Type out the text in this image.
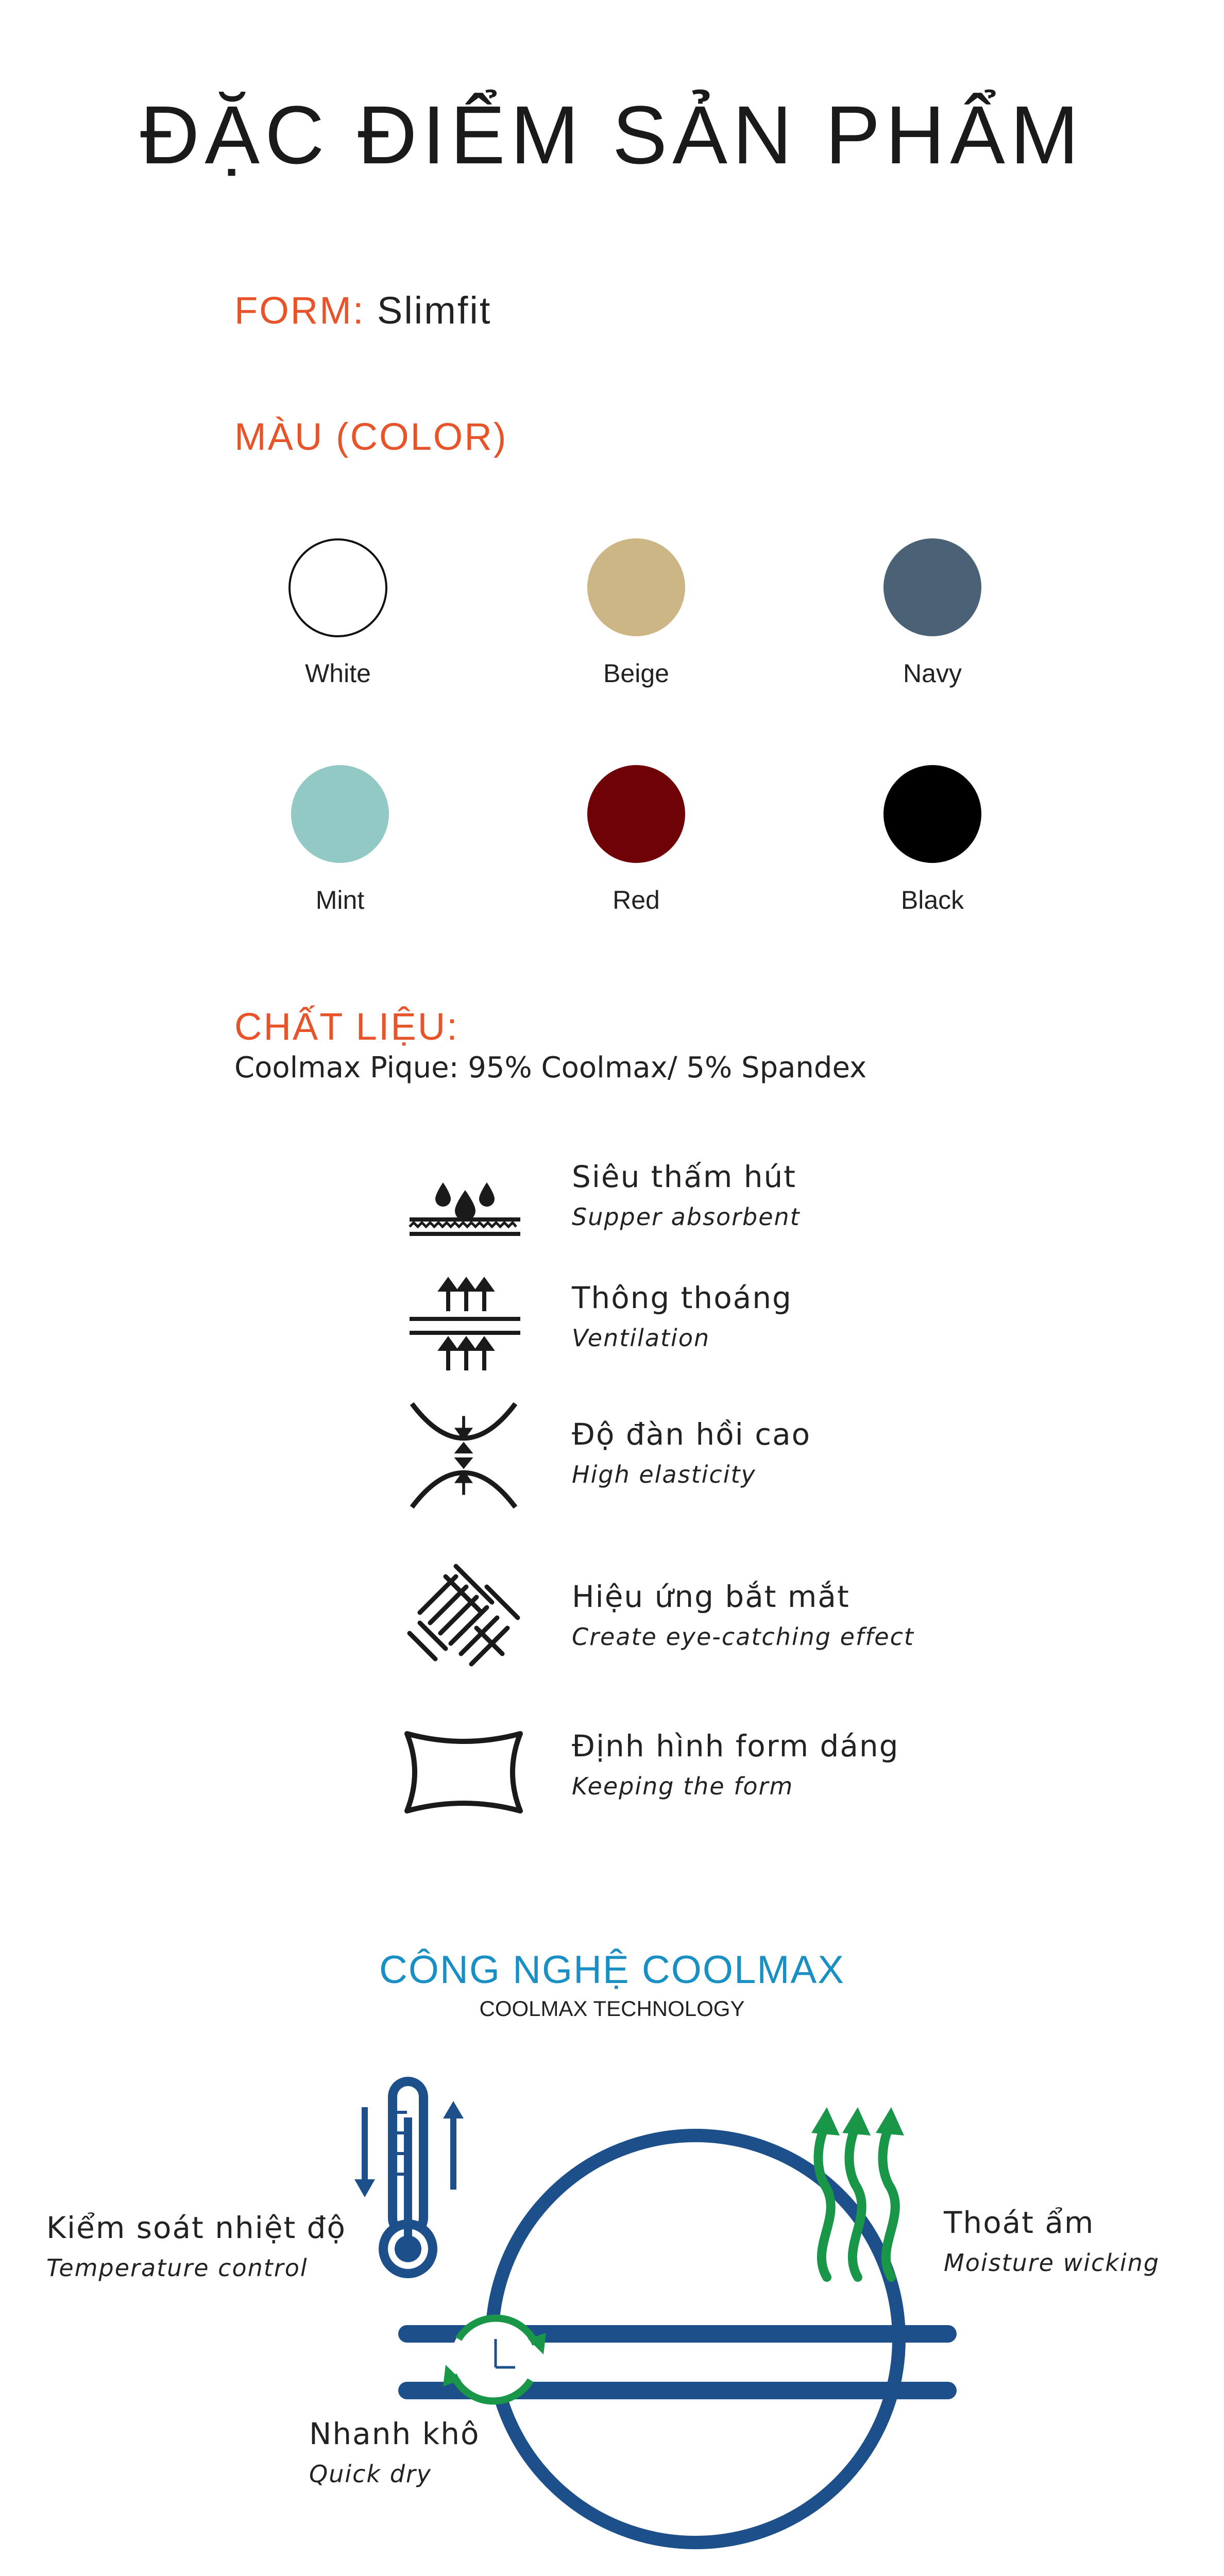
ĐẶC ĐIỂM SẢN PHẨM
FORM: Slimfit
MÀU (COLOR)
White	Beige	Navy
Mint	Red	Black
CHẤT LIỆU:
Coolmax Pique: 95% Coolmax/ 5% Spandex
Siêu thấm hút
Supper absorbent
Thông thoáng
Ventilation
Độ đàn hồi cao
High elasticity
Hiệu ứng bắt mắt
Create eye-catching effect
Định hình form dáng
Keeping the form
CÔNG NGHỆ COOLMAX
COOLMAX TECHNOLOGY
Kiểm soát nhiệt độ
Temperature control
Thoát ẩm
Moisture wicking
Nhanh khô
Quick dry
